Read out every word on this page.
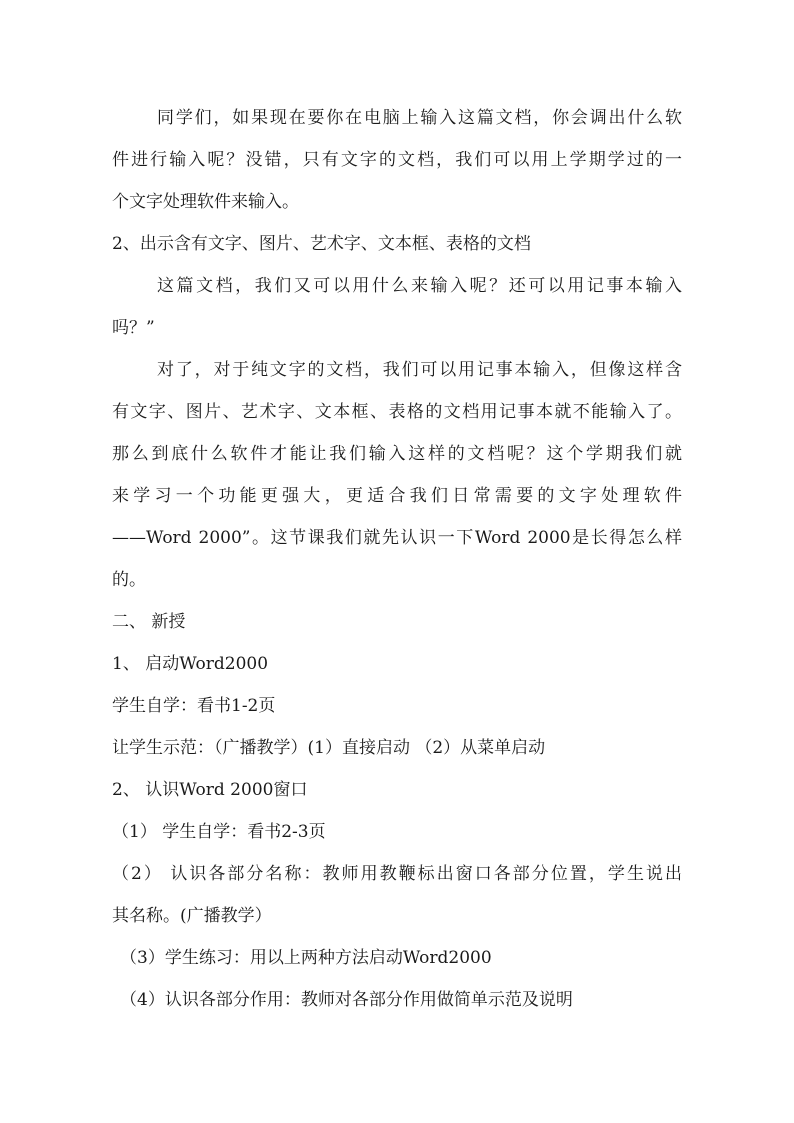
同学们，如果现在要你在电脑上输入这篇文档，你会调出什么软
件进行输入呢？没错，只有文字的文档，我们可以用上学期学过的一
个文字处理软件来输入。
2、出示含有文字、图片、艺术字、文本框、表格的文档
这篇文档，我们又可以用什么来输入呢？还可以用记事本输入
吗？”
对了，对于纯文字的文档，我们可以用记事本输入，但像这样含
有文字、图片、艺术字、文本框、表格的文档用记事本就不能输入了。
那么到底什么软件才能让我们输入这样的文档呢？这个学期我们就
来学习一个功能更强大，更适合我们日常需要的文字处理软件
——Word 2000”。这节课我们就先认识一下Word 2000是长得怎么样
的。
二、 新授
1、 启动Word2000
学生自学：看书1-2页
让学生示范：（广播教学）(1）直接启动 （2）从菜单启动
2、 认识Word 2000窗口
（1） 学生自学：看书2-3页
（2） 认识各部分名称：教师用教鞭标出窗口各部分位置，学生说出
其名称。(广播教学）
（3）学生练习：用以上两种方法启动Word2000
（4）认识各部分作用：教师对各部分作用做简单示范及说明
